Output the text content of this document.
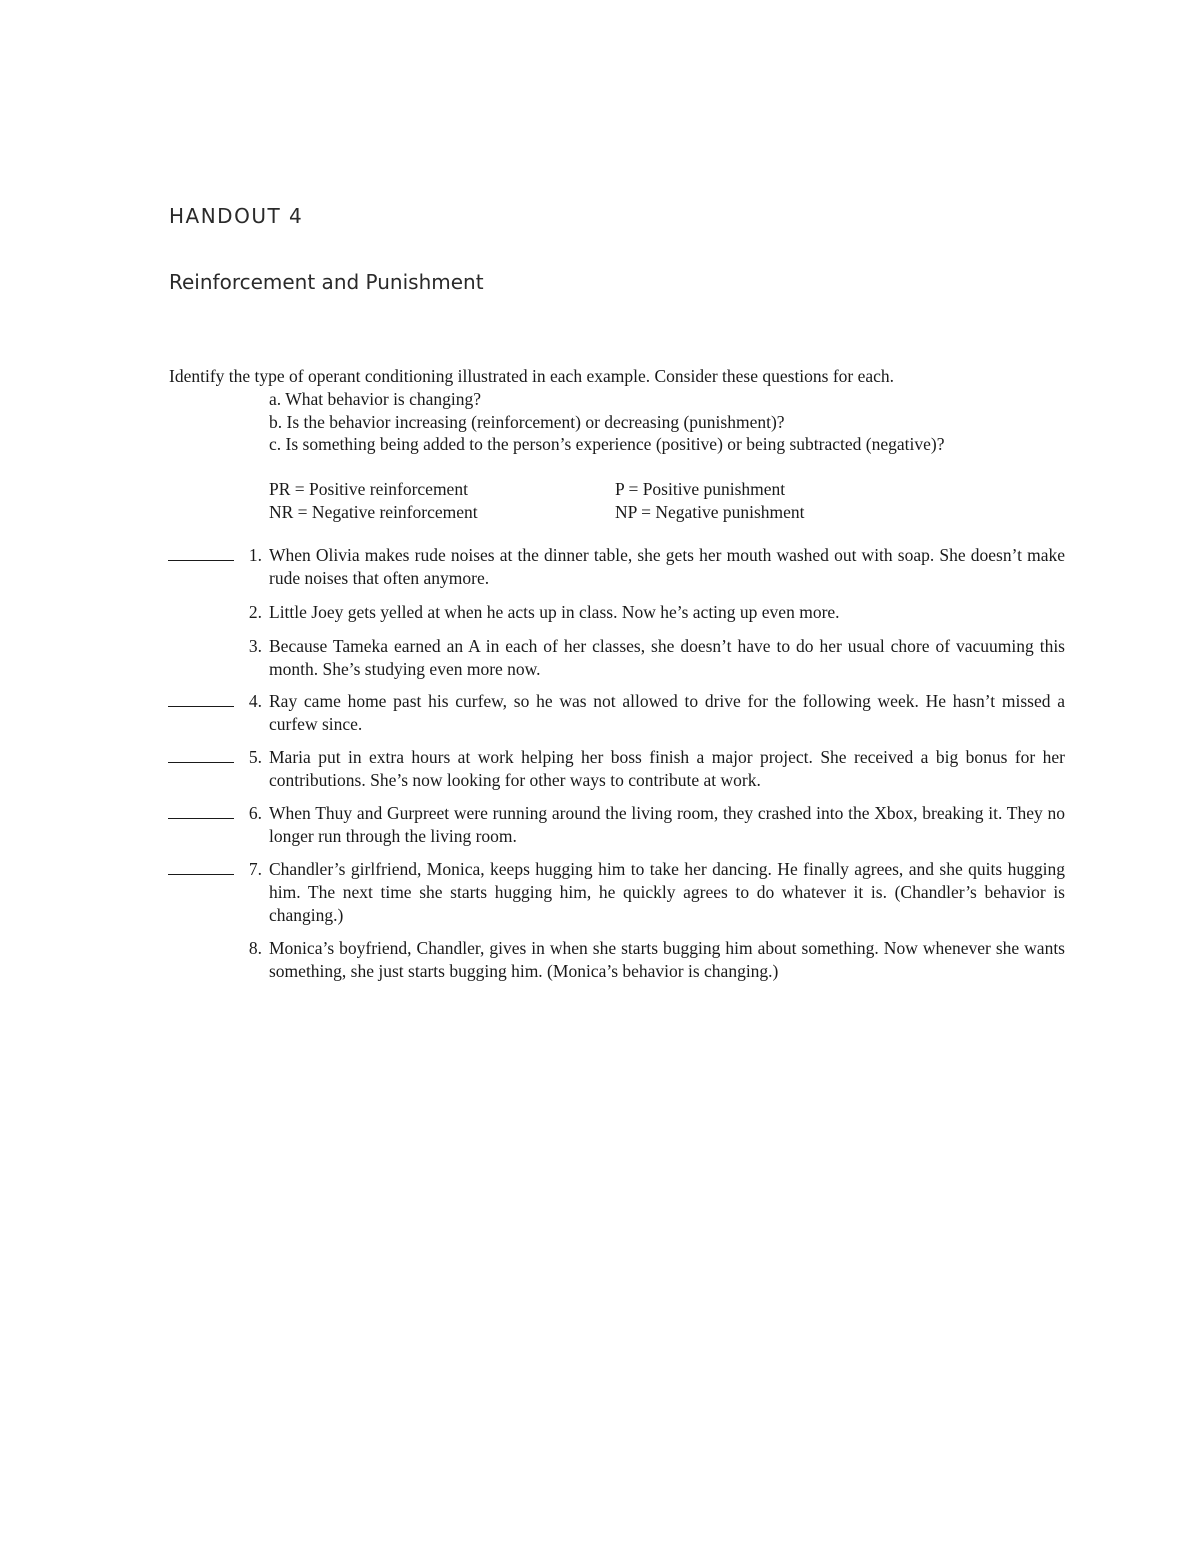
HANDOUT 4
Reinforcement and Punishment
Identify the type of operant conditioning illustrated in each example. Consider these questions for each.
a. What behavior is changing?
b. Is the behavior increasing (reinforcement) or decreasing (punishment)?
c. Is something being added to the person’s experience (positive) or being subtracted (negative)?
PR = Positive reinforcement	P = Positive punishment
NR = Negative reinforcement	NP = Negative punishment
1. When Olivia makes rude noises at the dinner table, she gets her mouth washed out with soap. She doesn’t make rude noises that often anymore.
2. Little Joey gets yelled at when he acts up in class. Now he’s acting up even more.
3. Because Tameka earned an A in each of her classes, she doesn’t have to do her usual chore of vacuuming this month. She’s studying even more now.
4. Ray came home past his curfew, so he was not allowed to drive for the following week. He hasn’t missed a curfew since.
5. Maria put in extra hours at work helping her boss finish a major project. She received a big bonus for her contributions. She’s now looking for other ways to contribute at work.
6. When Thuy and Gurpreet were running around the living room, they crashed into the Xbox, breaking it. They no longer run through the living room.
7. Chandler’s girlfriend, Monica, keeps hugging him to take her dancing. He finally agrees, and she quits hugging him. The next time she starts hugging him, he quickly agrees to do whatever it is. (Chandler’s behavior is changing.)
8. Monica’s boyfriend, Chandler, gives in when she starts bugging him about something. Now whenever she wants something, she just starts bugging him. (Monica’s behavior is changing.)
